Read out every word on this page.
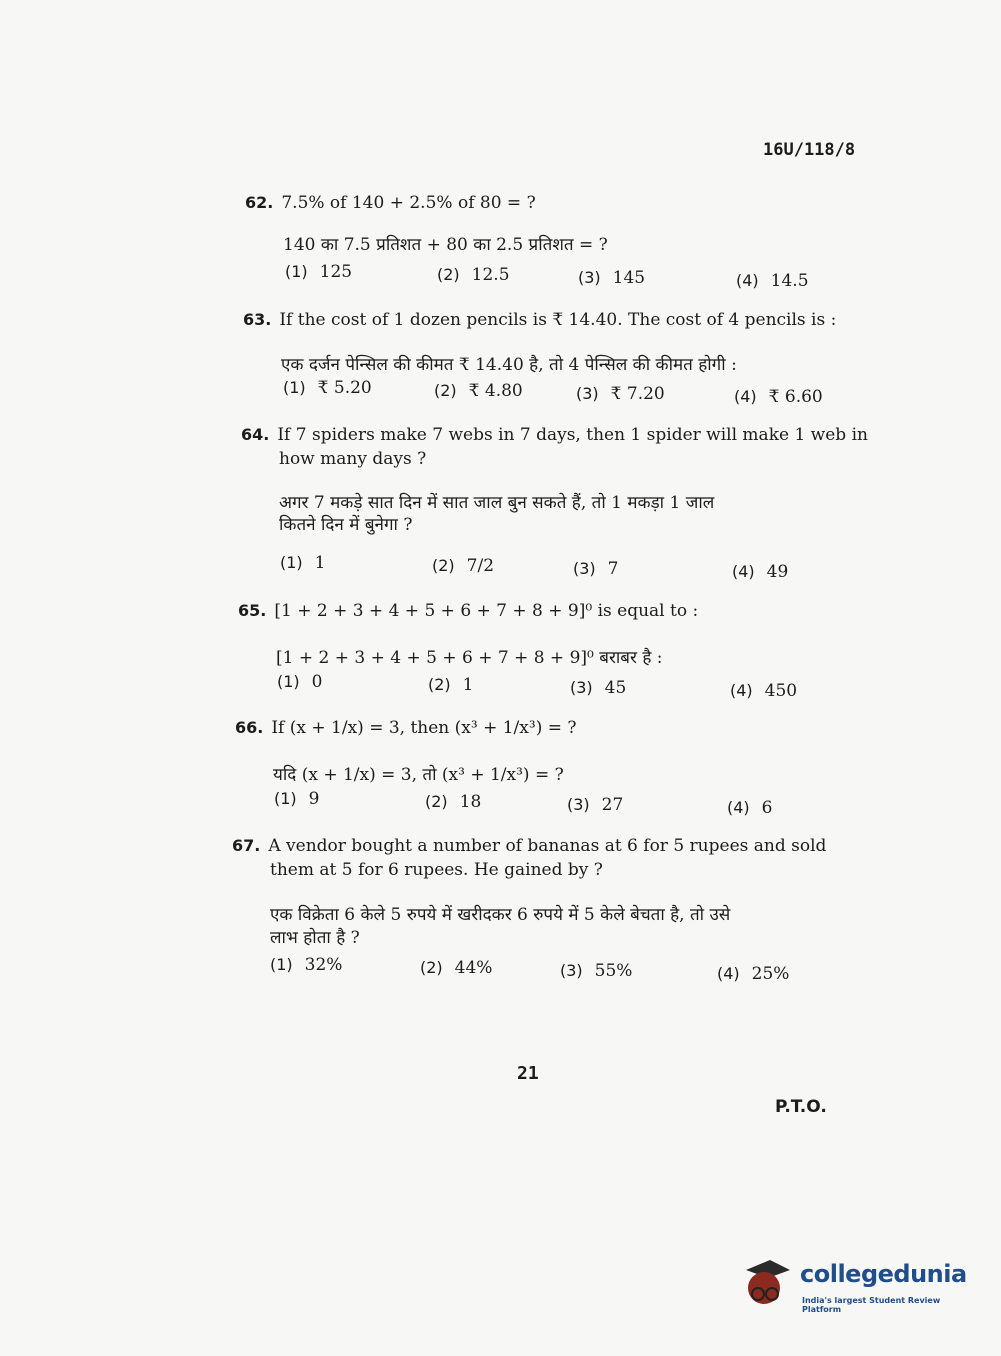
16U/118/8
62. 7.5% of 140 + 2.5% of 80 = ?
140 का 7.5 प्रतिशत + 80 का 2.5 प्रतिशत = ?
(1) 125	(2) 12.5	(3) 145	(4) 14.5
63. If the cost of 1 dozen pencils is ₹ 14.40. The cost of 4 pencils is :
एक दर्जन पेन्सिल की कीमत ₹ 14.40 है, तो 4 पेन्सिल की कीमत होगी :
(1) ₹ 5.20	(2) ₹ 4.80	(3) ₹ 7.20	(4) ₹ 6.60
64. If 7 spiders make 7 webs in 7 days, then 1 spider will make 1 web in
how many days ?
अगर 7 मकड़े सात दिन में सात जाल बुन सकते हैं, तो 1 मकड़ा 1 जाल
कितने दिन में बुनेगा ?
(1) 1	(2) 7/2	(3) 7	(4) 49
65. [1 + 2 + 3 + 4 + 5 + 6 + 7 + 8 + 9]⁰ is equal to :
[1 + 2 + 3 + 4 + 5 + 6 + 7 + 8 + 9]⁰ बराबर है :
(1) 0	(2) 1	(3) 45	(4) 450
66. If (x + 1/x) = 3, then (x³ + 1/x³) = ?
यदि (x + 1/x) = 3, तो (x³ + 1/x³) = ?
(1) 9	(2) 18	(3) 27	(4) 6
67. A vendor bought a number of bananas at 6 for 5 rupees and sold
them at 5 for 6 rupees. He gained by ?
एक विक्रेता 6 केले 5 रुपये में खरीदकर 6 रुपये में 5 केले बेचता है, तो उसे
लाभ होता है ?
(1) 32%	(2) 44%	(3) 55%	(4) 25%
21
P.T.O.
collegedunia
India's largest Student Review Platform
